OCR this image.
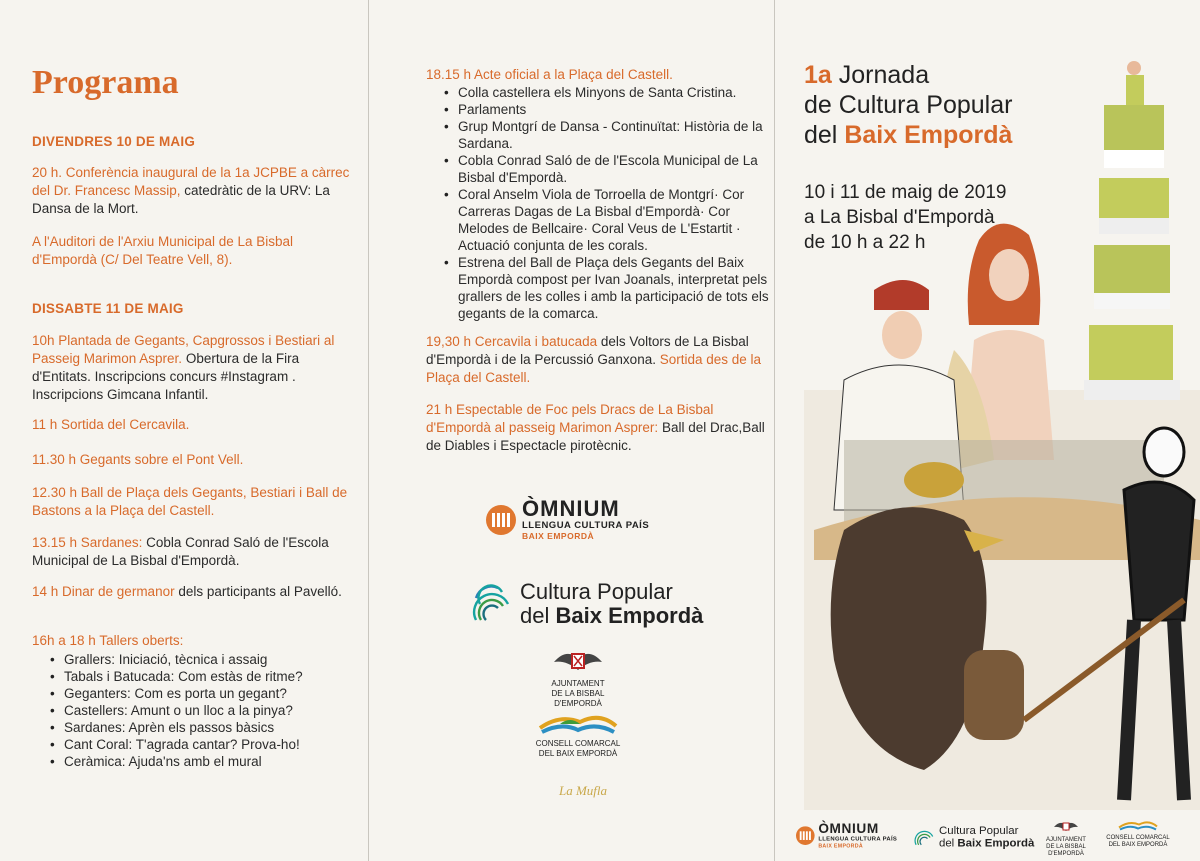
Programa
DIVENDRES 10 DE MAIG
20 h. Conferència inaugural de la 1a JCPBE a càrrec del Dr. Francesc Massip, catedràtic de la URV: La Dansa de la Mort.
A l'Auditori de l'Arxiu Municipal de La Bisbal d'Empordà (C/ Del Teatre Vell, 8).
DISSABTE 11 DE MAIG
10h Plantada de Gegants, Capgrossos i Bestiari al Passeig Marimon Asprer. Obertura de la Fira d'Entitats. Inscripcions concurs #Instagram . Inscripcions Gimcana Infantil.
11 h Sortida del Cercavila.
11.30 h Gegants sobre el Pont Vell.
12.30 h Ball de Plaça dels Gegants, Bestiari i Ball de Bastons a la Plaça del Castell.
13.15 h Sardanes: Cobla Conrad Saló de l'Escola Municipal de La Bisbal d'Empordà.
14 h Dinar de germanor dels participants al Pavelló.
16h a 18 h Tallers oberts:
• Grallers: Iniciació, tècnica i assaig
• Tabals i Batucada: Com estàs de ritme?
• Geganters: Com es porta un gegant?
• Castellers: Amunt o un lloc a la pinya?
• Sardanes: Aprèn els passos bàsics
• Cant Coral: T'agrada cantar? Prova-ho!
• Ceràmica: Ajuda'ns amb el mural
18.15 h Acte oficial a la Plaça del Castell.
• Colla castellera els Minyons de Santa Cristina.
• Parlaments
• Grup Montgrí de Dansa - Continuïtat: Història de la Sardana.
• Cobla Conrad Saló de de l'Escola Municipal de La Bisbal d'Empordà.
• Coral Anselm Viola de Torroella de Montgrí· Cor Carreras Dagas de La Bisbal d'Empordà· Cor Melodes de Bellcaire· Coral Veus de L'Estartit · Actuació conjunta de les corals.
• Estrena del Ball de Plaça dels Gegants del Baix Empordà compost per Ivan Joanals, interpretat pels grallers de les colles i amb la participació de tots els gegants de la comarca.
19,30 h Cercavila i batucada dels Voltors de La Bisbal d'Empordà i de la Percussió Ganxona. Sortida des de la Plaça del Castell.
21 h Espectable de Foc pels Dracs de La Bisbal d'Empordà al passeig Marimon Asprer: Ball del Drac,Ball de Diables i Espectacle pirotècnic.
ÒMNIUM
LLENGUA CULTURA PAÍS
BAIX EMPORDÀ
Cultura Popular
del Baix Empordà
AJUNTAMENT
DE LA BISBAL D'EMPORDÀ
CONSELL COMARCAL
DEL BAIX EMPORDÀ
La Mufla
1a Jornada
de Cultura Popular
del Baix Empordà
10 i 11 de maig de 2019
a La Bisbal d'Empordà
de 10 h a 22 h
ÒMNIUM
LLENGUA CULTURA PAÍS
BAIX EMPORDÀ
Cultura Popular
del Baix Empordà	AJUNTAMENT
DE LA BISBAL D'EMPORDÀ
CONSELL COMARCAL
DEL BAIX EMPORDÀ
